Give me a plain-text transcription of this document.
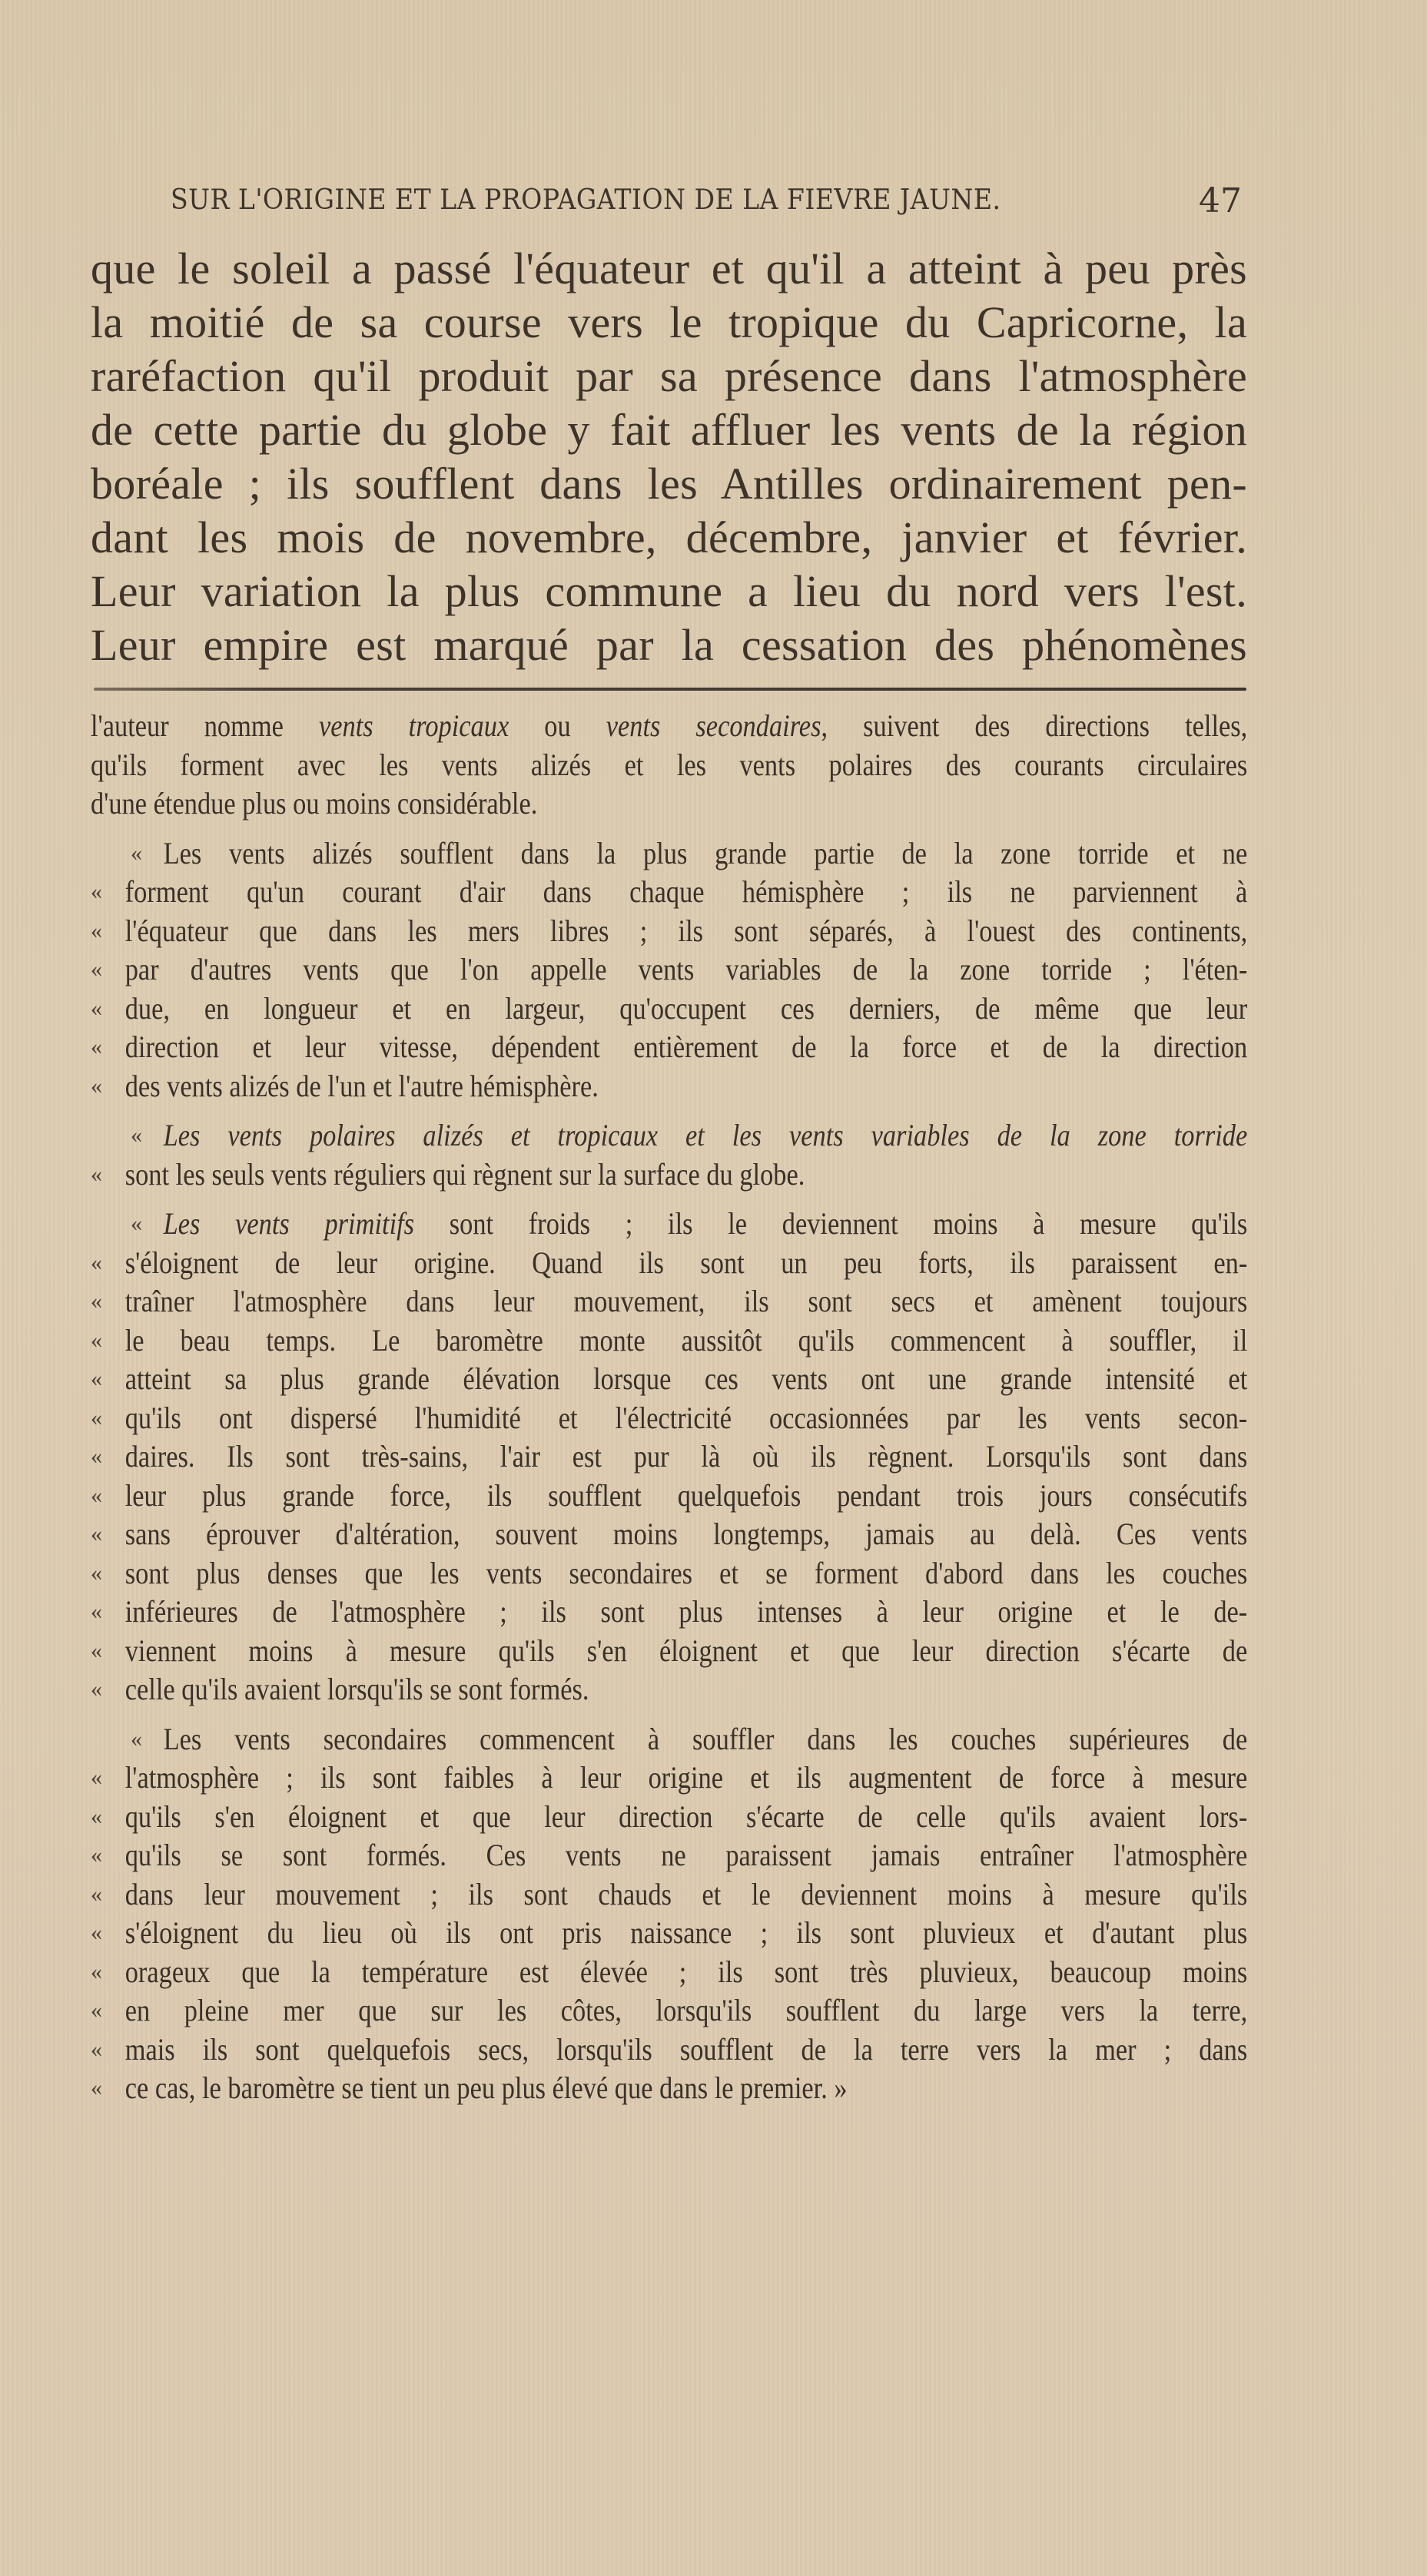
SUR L'ORIGINE ET LA PROPAGATION DE LA FIEVRE JAUNE.	47
que le soleil a passé l'équateur et qu'il a atteint à peu près
la moitié de sa course vers le tropique du Capricorne, la
raréfaction qu'il produit par sa présence dans l'atmosphère
de cette partie du globe y fait affluer les vents de la région
boréale ; ils soufflent dans les Antilles ordinairement pen-
dant les mois de novembre, décembre, janvier et février.
Leur variation la plus commune a lieu du nord vers l'est.
Leur empire est marqué par la cessation des phénomènes
l'auteur nomme vents tropicaux ou vents secondaires, suivent des directions telles,
qu'ils forment avec les vents alizés et les vents polaires des courants circulaires
d'une étendue plus ou moins considérable.
« Les vents alizés soufflent dans la plus grande partie de la zone torride et ne
« forment qu'un courant d'air dans chaque hémisphère ; ils ne parviennent à
« l'équateur que dans les mers libres ; ils sont séparés, à l'ouest des continents,
« par d'autres vents que l'on appelle vents variables de la zone torride ; l'éten-
« due, en longueur et en largeur, qu'occupent ces derniers, de même que leur
« direction et leur vitesse, dépendent entièrement de la force et de la direction
« des vents alizés de l'un et l'autre hémisphère.
« Les vents polaires alizés et tropicaux et les vents variables de la zone torride
« sont les seuls vents réguliers qui règnent sur la surface du globe.
« Les vents primitifs sont froids ; ils le deviennent moins à mesure qu'ils
« s'éloignent de leur origine. Quand ils sont un peu forts, ils paraissent en-
« traîner l'atmosphère dans leur mouvement, ils sont secs et amènent toujours
« le beau temps. Le baromètre monte aussitôt qu'ils commencent à souffler, il
« atteint sa plus grande élévation lorsque ces vents ont une grande intensité et
« qu'ils ont dispersé l'humidité et l'électricité occasionnées par les vents secon-
« daires. Ils sont très-sains, l'air est pur là où ils règnent. Lorsqu'ils sont dans
« leur plus grande force, ils soufflent quelquefois pendant trois jours consécutifs
« sans éprouver d'altération, souvent moins longtemps, jamais au delà. Ces vents
« sont plus denses que les vents secondaires et se forment d'abord dans les couches
« inférieures de l'atmosphère ; ils sont plus intenses à leur origine et le de-
« viennent moins à mesure qu'ils s'en éloignent et que leur direction s'écarte de
« celle qu'ils avaient lorsqu'ils se sont formés.
« Les vents secondaires commencent à souffler dans les couches supérieures de
« l'atmosphère ; ils sont faibles à leur origine et ils augmentent de force à mesure
« qu'ils s'en éloignent et que leur direction s'écarte de celle qu'ils avaient lors-
« qu'ils se sont formés. Ces vents ne paraissent jamais entraîner l'atmosphère
« dans leur mouvement ; ils sont chauds et le deviennent moins à mesure qu'ils
« s'éloignent du lieu où ils ont pris naissance ; ils sont pluvieux et d'autant plus
« orageux que la température est élevée ; ils sont très pluvieux, beaucoup moins
« en pleine mer que sur les côtes, lorsqu'ils soufflent du large vers la terre,
« mais ils sont quelquefois secs, lorsqu'ils soufflent de la terre vers la mer ; dans
« ce cas, le baromètre se tient un peu plus élevé que dans le premier. »
